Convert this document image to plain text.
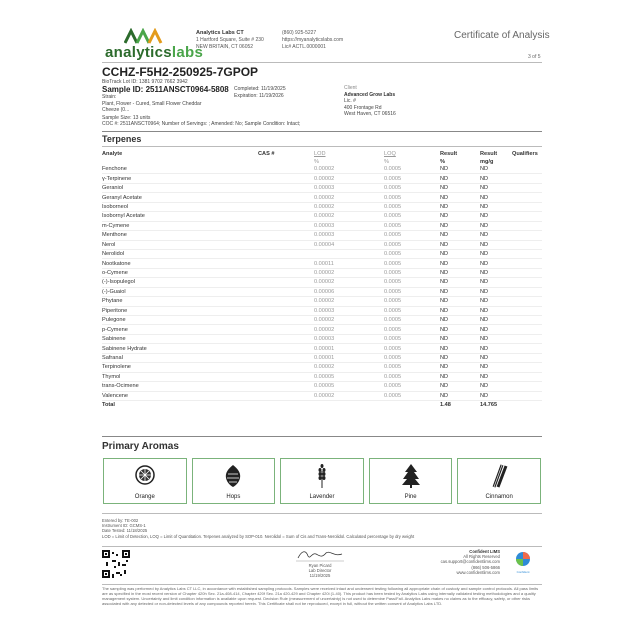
analyticslabs
Analytics Labs CT
1 Hartford Square, Suite # 230
NEW BRITAIN, CT 06052
(860) 925-5227
https://myanalyticslabs.com
Lic# ACTL.0000001
Certificate of Analysis
3 of 5
CCHZ-F5H2-250925-7GPOP
BioTrack Lot ID: 1381 9702 7662 3942
Sample ID: 2511ANSCT0964-5808 Completed: 11/19/2025
Expiration: 11/19/2026
Strain:
Plant, Flower - Cured, Small Flower Cheddar
Cheeze (0...
Sample Size: 13 units
COC #: 2511ANSCT0964; Number of Servings: ; Amended: No; Sample Condition: Intact;
Client
Advanced Grow Labs
Lic. #
400 Frontage Rd
West Haven, CT 06516
Terpenes
Analyte	CAS #	LOD	LOQ	Result	Result	Qualifiers
		%	%	%	mg/g	
Fenchone		0.00002	0.0005	ND	ND	
γ-Terpinene		0.00002	0.0005	ND	ND	
Geraniol		0.00003	0.0005	ND	ND	
Geranyl Acetate		0.00002	0.0005	ND	ND	
Isoborneol		0.00002	0.0005	ND	ND	
Isobornyl Acetate		0.00002	0.0005	ND	ND	
m-Cymene		0.00003	0.0005	ND	ND	
Menthone		0.00003	0.0005	ND	ND	
Nerol		0.00004	0.0005	ND	ND	
Nerolidol			0.0005	ND	ND	
Nootkatone		0.00011	0.0005	ND	ND	
o-Cymene		0.00002	0.0005	ND	ND	
(-)-Isopulegol		0.00002	0.0005	ND	ND	
(-)-Guaiol		0.00006	0.0005	ND	ND	
Phytane		0.00002	0.0005	ND	ND	
Piperitone		0.00003	0.0005	ND	ND	
Pulegone		0.00002	0.0005	ND	ND	
p-Cymene		0.00002	0.0005	ND	ND	
Sabinene		0.00003	0.0005	ND	ND	
Sabinene Hydrate		0.00001	0.0005	ND	ND	
Safranal		0.00001	0.0005	ND	ND	
Terpinolene		0.00002	0.0005	ND	ND	
Thymol		0.00005	0.0005	ND	ND	
trans-Ocimene		0.00005	0.0005	ND	ND	
Valencene		0.00002	0.0005	ND	ND	
Total				1.48	14.765	
Primary Aromas
Orange	Hops	Lavender	Pine	Cinnamon
Entered by: TE-002
Instrument ID: GCMS-1
Date Tested: 11/18/2025
LOD = Limit of Detection, LOQ = Limit of Quantitation. Terpenes analyzed by SOP-010. Nerolidol = Sum of Cis and Trans-Nerolidol. Calculated percentage by dry weight
Ryan Picard
Lab Director
11/19/2025
Confident LIMS
All Rights Reserved
cas.support@confidentlims.com
(866) 506-5866
www.confidentlims.com	Confident
The sampling was performed by Analytics Labs CT LLC, in accordance with established sampling protocols. Samples were received intact and underwent testing following all appropriate chain of custody and sample control protocols. All pass limits are as specified in the most recent version of Chapter 420h Sec. 21a-408-414, Chapter 420f Sec. 21a 420-429 and Chapter 420i (1-40). This product has been tested by Analytics Labs using internally validated testing methodologies and a quality management system. Uncertainty and limit condition information is available upon request. Decision Rule (measurement of uncertainty) is not used to determine Pass/Fail. Analytics Labs makes no claims as to the efficacy, safety, or other risks associated with any detected or non-detected levels of any compounds reported herein. This Certificate shall not be reproduced, except in full, without the written consent of Analytics Labs LTD.
